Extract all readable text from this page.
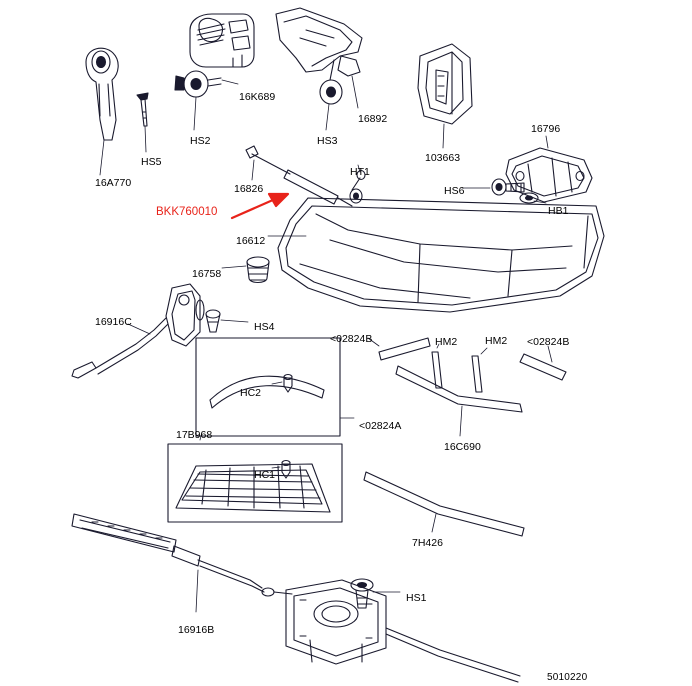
16K689
16892
16796
HS2	HS3
103663
HS5
HT1
16A770	16826	HS6
HB1
BKK760010
16612
16758
16916C	HS4
<02824B	HM2	HM2 <02824B
HC2
<02824A
16C690
17B968
HC1
7H426
HS1
16916B
5010220
